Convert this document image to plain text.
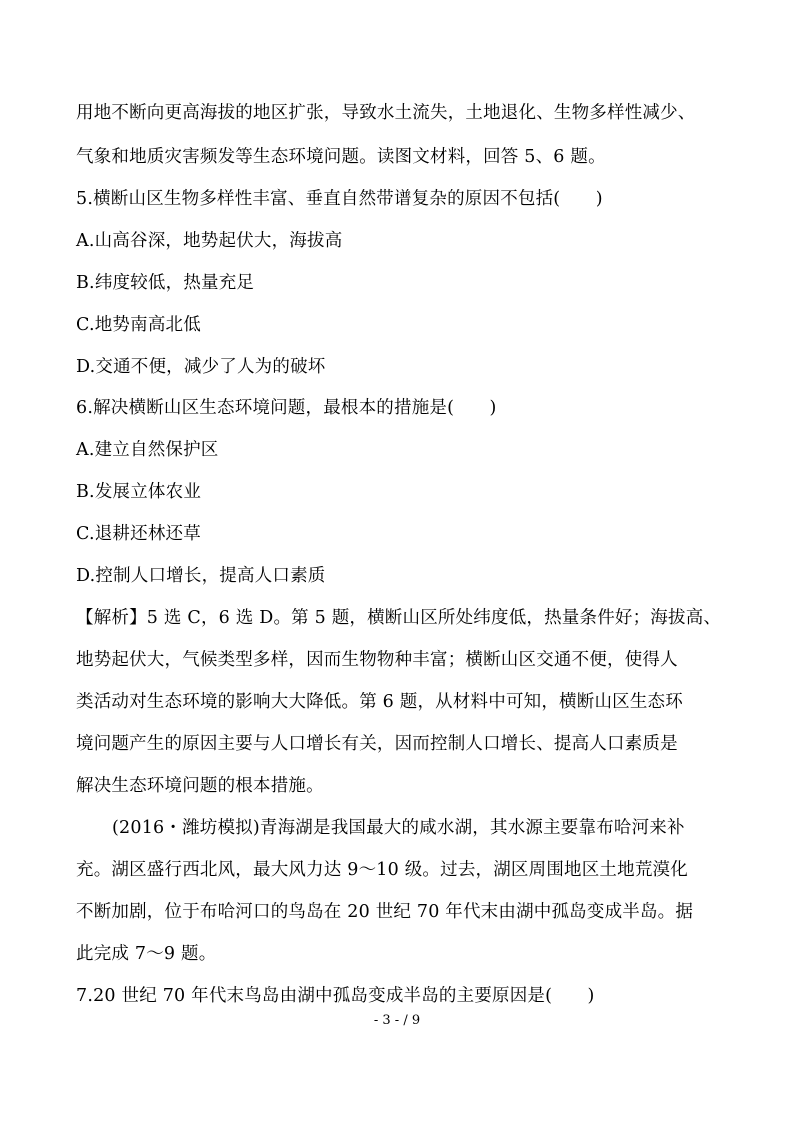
用地不断向更高海拔的地区扩张，导致水土流失，土地退化、生物多样性减少、
气象和地质灾害频发等生态环境问题。读图文材料，回答 5、6 题。
5.横断山区生物多样性丰富、垂直自然带谱复杂的原因不包括(　　)
A.山高谷深，地势起伏大，海拔高
B.纬度较低，热量充足
C.地势南高北低
D.交通不便，减少了人为的破坏
6.解决横断山区生态环境问题，最根本的措施是(　　)
A.建立自然保护区
B.发展立体农业
C.退耕还林还草
D.控制人口增长，提高人口素质
【解析】5 选 C，6 选 D。第 5 题，横断山区所处纬度低，热量条件好；海拔高、
地势起伏大，气候类型多样，因而生物物种丰富；横断山区交通不便，使得人
类活动对生态环境的影响大大降低。第 6 题，从材料中可知，横断山区生态环
境问题产生的原因主要与人口增长有关，因而控制人口增长、提高人口素质是
解决生态环境问题的根本措施。
(2016・潍坊模拟)青海湖是我国最大的咸水湖，其水源主要靠布哈河来补
充。湖区盛行西北风，最大风力达 9～10 级。过去，湖区周围地区土地荒漠化
不断加剧，位于布哈河口的鸟岛在 20 世纪 70 年代末由湖中孤岛变成半岛。据
此完成 7～9 题。
7.20 世纪 70 年代末鸟岛由湖中孤岛变成半岛的主要原因是(　　)
- 3 - / 9
